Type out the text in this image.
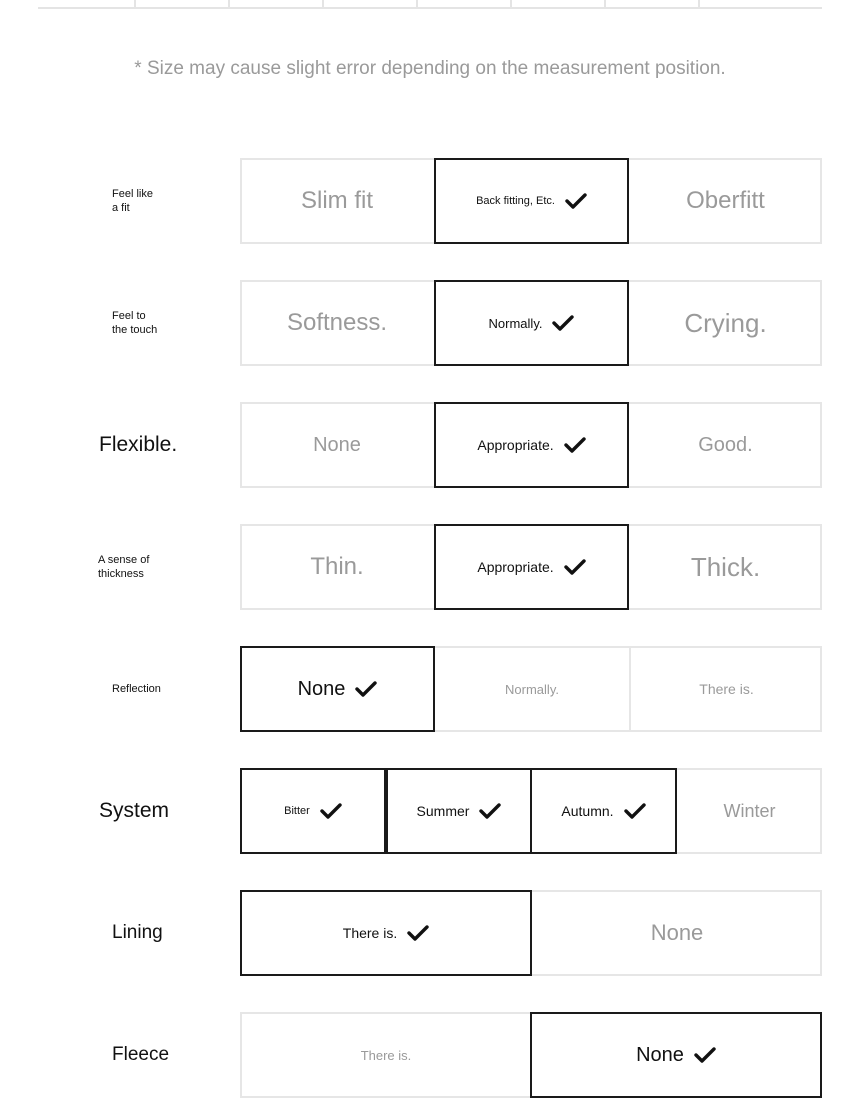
* Size may cause slight error depending on the measurement position.
Feel like
a fit	Slim fit	Back fitting, Etc.	Oberfitt
Feel to
the touch	Softness.	Normally.	Crying.
Flexible.	None	Appropriate.	Good.
A sense of
thickness	Thin.	Appropriate.	Thick.
Reflection	None	Normally.	There is.
System	Bitter	Summer	Autumn.	Winter
Lining	There is.	None
Fleece	There is.	None
